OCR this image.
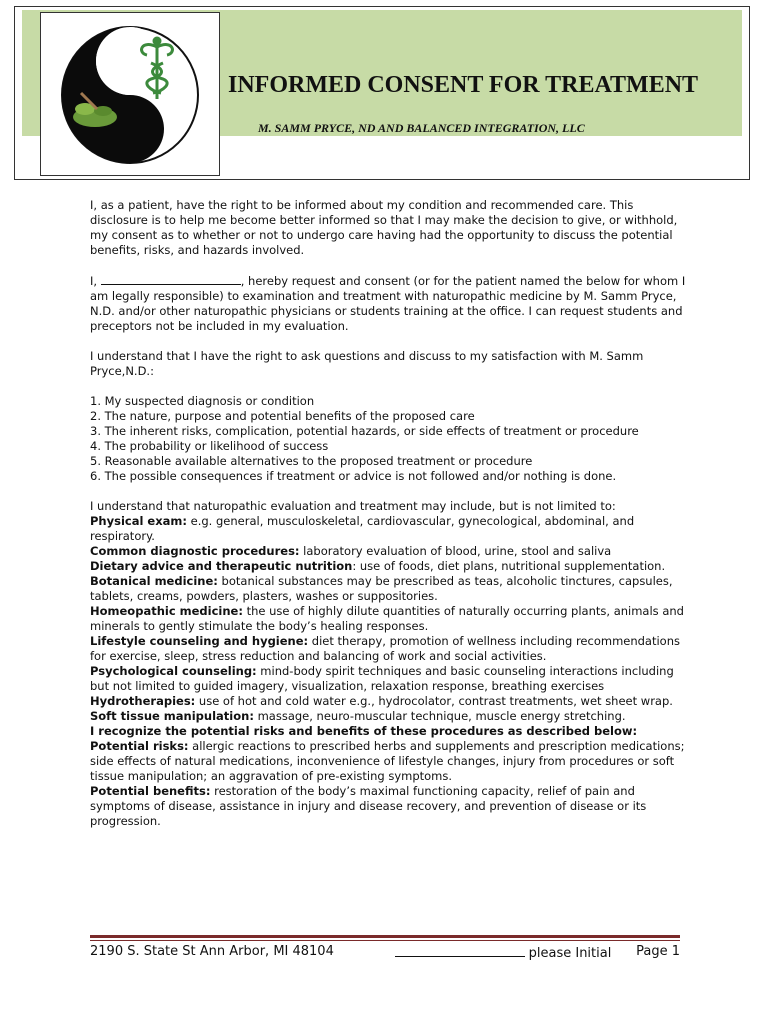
INFORMED CONSENT FOR TREATMENT

M. SAMM PRYCE, ND AND BALANCED INTEGRATION, LLC

I, as a patient, have the right to be informed about my condition and recommended care. This disclosure is to help me become better informed so that I may make the decision to give, or withhold, my consent as to whether or not to undergo care having had the opportunity to discuss the potential benefits, risks, and hazards involved.

I,	, hereby request and consent (or for the patient named the below for whom I am legally responsible) to examination and treatment with naturopathic medicine by M. Samm Pryce, N.D. and/or other naturopathic physicians or students training at the office. I can request students and preceptors not be included in my evaluation.

I understand that I have the right to ask questions and discuss to my satisfaction with M. Samm Pryce,N.D.:

1. My suspected diagnosis or condition

2. The nature, purpose and potential benefits of the proposed care

3. The inherent risks, complication, potential hazards, or side effects of treatment or procedure

4. The probability or likelihood of success

5. Reasonable available alternatives to the proposed treatment or procedure

6. The possible consequences if treatment or advice is not followed and/or nothing is done.

I understand that naturopathic evaluation and treatment may include, but is not limited to:

Physical exam: e.g. general, musculoskeletal, cardiovascular, gynecological, abdominal, and respiratory.

Common diagnostic procedures: laboratory evaluation of blood, urine, stool and saliva

Dietary advice and therapeutic nutrition: use of foods, diet plans, nutritional supplementation.

Botanical medicine: botanical substances may be prescribed as teas, alcoholic tinctures, capsules, tablets, creams, powders, plasters, washes or suppositories.

Homeopathic medicine: the use of highly dilute quantities of naturally occurring plants, animals and minerals to gently stimulate the body’s healing responses.

Lifestyle counseling and hygiene: diet therapy, promotion of wellness including recommendations for exercise, sleep, stress reduction and balancing of work and social activities.

Psychological counseling: mind-body spirit techniques and basic counseling interactions including but not limited to guided imagery, visualization, relaxation response, breathing exercises

Hydrotherapies: use of hot and cold water e.g., hydrocolator, contrast treatments, wet sheet wrap.

Soft tissue manipulation: massage, neuro-muscular technique, muscle energy stretching.

I recognize the potential risks and benefits of these procedures as described below:

Potential risks: allergic reactions to prescribed herbs and supplements and prescription medications; side effects of natural medications, inconvenience of lifestyle changes, injury from procedures or soft tissue manipulation; an aggravation of pre-existing symptoms.

Potential benefits: restoration of the body’s maximal functioning capacity, relief of pain and symptoms of disease, assistance in injury and disease recovery, and prevention of disease or its progression.

2190 S. State St Ann Arbor, MI 48104	please Initial Page 1
